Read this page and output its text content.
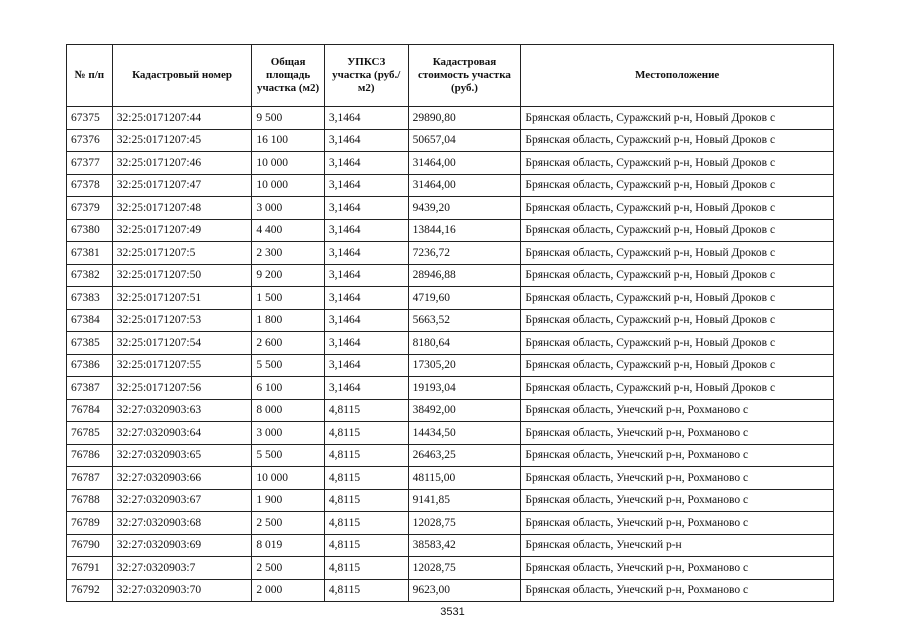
№ п/п	Кадастровый номер	Общая площадь участка (м2)	УПКСЗ участка (руб./м2)	Кадастровая стоимость участка (руб.)	Местоположение
67375	32:25:0171207:44	9 500	3,1464	29890,80	Брянская область, Суражский р-н, Новый Дроков с
67376	32:25:0171207:45	16 100	3,1464	50657,04	Брянская область, Суражский р-н, Новый Дроков с
67377	32:25:0171207:46	10 000	3,1464	31464,00	Брянская область, Суражский р-н, Новый Дроков с
67378	32:25:0171207:47	10 000	3,1464	31464,00	Брянская область, Суражский р-н, Новый Дроков с
67379	32:25:0171207:48	3 000	3,1464	9439,20	Брянская область, Суражский р-н, Новый Дроков с
67380	32:25:0171207:49	4 400	3,1464	13844,16	Брянская область, Суражский р-н, Новый Дроков с
67381	32:25:0171207:5	2 300	3,1464	7236,72	Брянская область, Суражский р-н, Новый Дроков с
67382	32:25:0171207:50	9 200	3,1464	28946,88	Брянская область, Суражский р-н, Новый Дроков с
67383	32:25:0171207:51	1 500	3,1464	4719,60	Брянская область, Суражский р-н, Новый Дроков с
67384	32:25:0171207:53	1 800	3,1464	5663,52	Брянская область, Суражский р-н, Новый Дроков с
67385	32:25:0171207:54	2 600	3,1464	8180,64	Брянская область, Суражский р-н, Новый Дроков с
67386	32:25:0171207:55	5 500	3,1464	17305,20	Брянская область, Суражский р-н, Новый Дроков с
67387	32:25:0171207:56	6 100	3,1464	19193,04	Брянская область, Суражский р-н, Новый Дроков с
76784	32:27:0320903:63	8 000	4,8115	38492,00	Брянская область, Унечский р-н, Рохманово с
76785	32:27:0320903:64	3 000	4,8115	14434,50	Брянская область, Унечский р-н, Рохманово с
76786	32:27:0320903:65	5 500	4,8115	26463,25	Брянская область, Унечский р-н, Рохманово с
76787	32:27:0320903:66	10 000	4,8115	48115,00	Брянская область, Унечский р-н, Рохманово с
76788	32:27:0320903:67	1 900	4,8115	9141,85	Брянская область, Унечский р-н, Рохманово с
76789	32:27:0320903:68	2 500	4,8115	12028,75	Брянская область, Унечский р-н, Рохманово с
76790	32:27:0320903:69	8 019	4,8115	38583,42	Брянская область, Унечский р-н
76791	32:27:0320903:7	2 500	4,8115	12028,75	Брянская область, Унечский р-н, Рохманово с
76792	32:27:0320903:70	2 000	4,8115	9623,00	Брянская область, Унечский р-н, Рохманово с
3531
